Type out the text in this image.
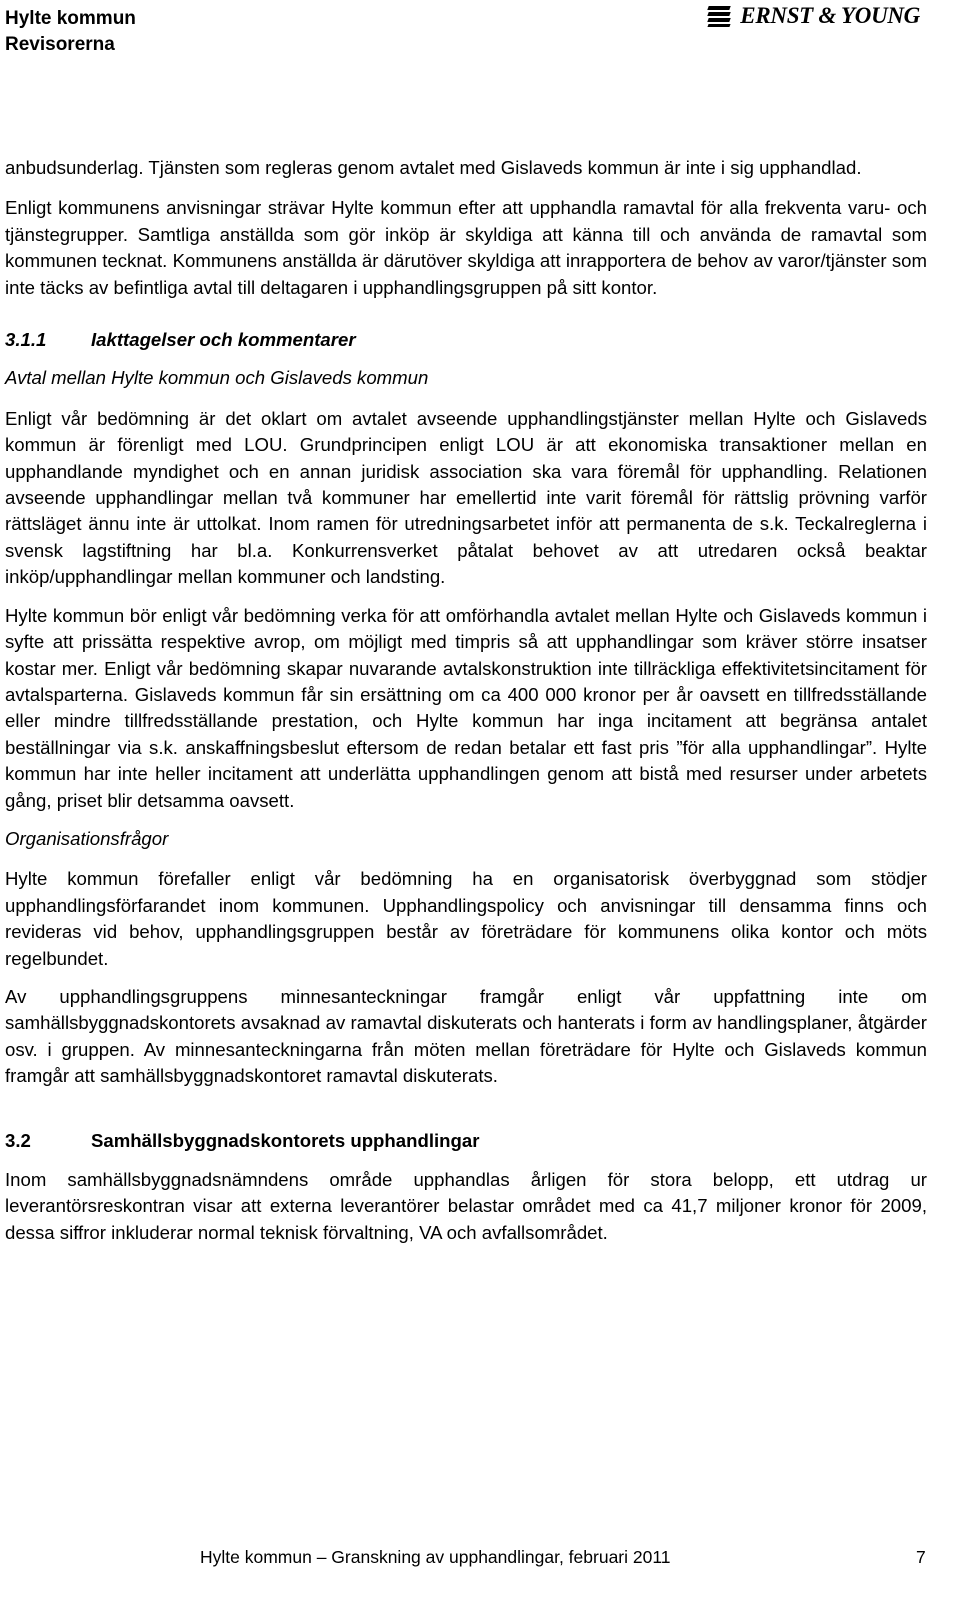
Hylte kommun
Revisorerna
ERNST & YOUNG

anbudsunderlag. Tjänsten som regleras genom avtalet med Gislaveds kommun är inte i sig upphandlad.

Enligt kommunens anvisningar strävar Hylte kommun efter att upphandla ramavtal för alla frekventa varu- och tjänstegrupper. Samtliga anställda som gör inköp är skyldiga att känna till och använda de ramavtal som kommunen tecknat. Kommunens anställda är därutöver skyldiga att inrapportera de behov av varor/tjänster som inte täcks av befintliga avtal till deltagaren i upphandlingsgruppen på sitt kontor.

3.1.1	Iakttagelser och kommentarer

Avtal mellan Hylte kommun och Gislaveds kommun

Enligt vår bedömning är det oklart om avtalet avseende upphandlingstjänster mellan Hylte och Gislaveds kommun är förenligt med LOU. Grundprincipen enligt LOU är att ekonomiska transaktioner mellan en upphandlande myndighet och en annan juridisk association ska vara föremål för upphandling. Relationen avseende upphandlingar mellan två kommuner har emellertid inte varit föremål för rättslig prövning varför rättsläget ännu inte är uttolkat. Inom ramen för utredningsarbetet inför att permanenta de s.k. Teckalreglerna i svensk lagstiftning har bl.a. Konkurrensverket påtalat behovet av att utredaren också beaktar inköp/upphandlingar mellan kommuner och landsting.

Hylte kommun bör enligt vår bedömning verka för att omförhandla avtalet mellan Hylte och Gislaveds kommun i syfte att prissätta respektive avrop, om möjligt med timpris så att upphandlingar som kräver större insatser kostar mer. Enligt vår bedömning skapar nuvarande avtalskonstruktion inte tillräckliga effektivitetsincitament för avtalsparterna. Gislaveds kommun får sin ersättning om ca 400 000 kronor per år oavsett en tillfredsställande eller mindre tillfredsställande prestation, och Hylte kommun har inga incitament att begränsa antalet beställningar via s.k. anskaffningsbeslut eftersom de redan betalar ett fast pris ”för alla upphandlingar”. Hylte kommun har inte heller incitament att underlätta upphandlingen genom att bistå med resurser under arbetets gång, priset blir detsamma oavsett.

Organisationsfrågor

Hylte kommun förefaller enligt vår bedömning ha en organisatorisk överbyggnad som stödjer upphandlingsförfarandet inom kommunen. Upphandlingspolicy och anvisningar till densamma finns och revideras vid behov, upphandlingsgruppen består av företrädare för kommunens olika kontor och möts regelbundet.

Av upphandlingsgruppens minnesanteckningar framgår enligt vår uppfattning inte om samhällsbyggnadskontorets avsaknad av ramavtal diskuterats och hanterats i form av handlingsplaner, åtgärder osv. i gruppen. Av minnesanteckningarna från möten mellan företrädare för Hylte och Gislaveds kommun framgår att samhällsbyggnadskontoret ramavtal diskuterats.

3.2	Samhällsbyggnadskontorets upphandlingar

Inom samhällsbyggnadsnämndens område upphandlas årligen för stora belopp, ett utdrag ur leverantörsreskontran visar att externa leverantörer belastar området med ca 41,7 miljoner kronor för 2009, dessa siffror inkluderar normal teknisk förvaltning, VA och avfallsområdet.

Hylte kommun – Granskning av upphandlingar, februari 2011	7
